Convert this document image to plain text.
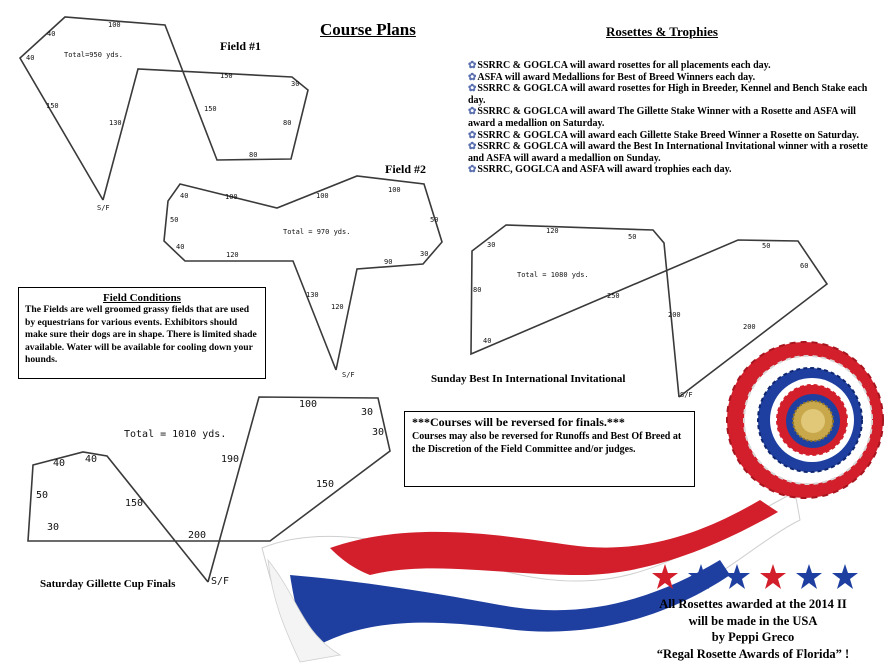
Total=950 yds.
100
40
40
150
130
150
30
150
80
80
S/F
Total = 970 yds.
40	100	100
100
50	50
40
120
130
120
90
30
S/F
Total = 1080 yds.
120
50
30
80
250
40
200
200
50
60
S/F
Total = 1010 yds.
100
30
30
190
40 40
50
30
150
150
200
S/F
Course Plans
Field #1
Field #2
Sunday Best In International Invitational
Saturday Gillette Cup Finals
Rosettes & Trophies
✿ SSRRC & GOGLCA will award rosettes for all placements each day.
✿ ASFA will award Medallions for Best of Breed Winners each day.
✿ SSRRC & GOGLCA will award rosettes for High in Breeder, Kennel and Bench Stake each day.
✿ SSRRC & GOGLCA will award The Gillette Stake Winner with a Rosette and ASFA will award a medallion on Saturday.
✿ SSRRC & GOGLCA will award each Gillette Stake Breed Winner a Rosette on Saturday.
✿ SSRRC & GOGLCA will award the Best In International Invitational winner with a rosette and ASFA will award a medallion on Sunday.
✿ SSRRC, GOGLCA and ASFA will award trophies each day.
Field Conditions
The Fields are well groomed grassy fields that are used by equestrians for various events. Exhibitors should make sure their dogs are in shape. There is limited shade available. Water will be available for cooling down your hounds.
***Courses will be reversed for finals.***
Courses may also be reversed for Runoffs and Best Of Breed at the Discretion of the Field Committee and/or judges.
All Rosettes awarded at the 2014 II
will be made in the USA
by Peppi Greco
“Regal Rosette Awards of Florida” !
